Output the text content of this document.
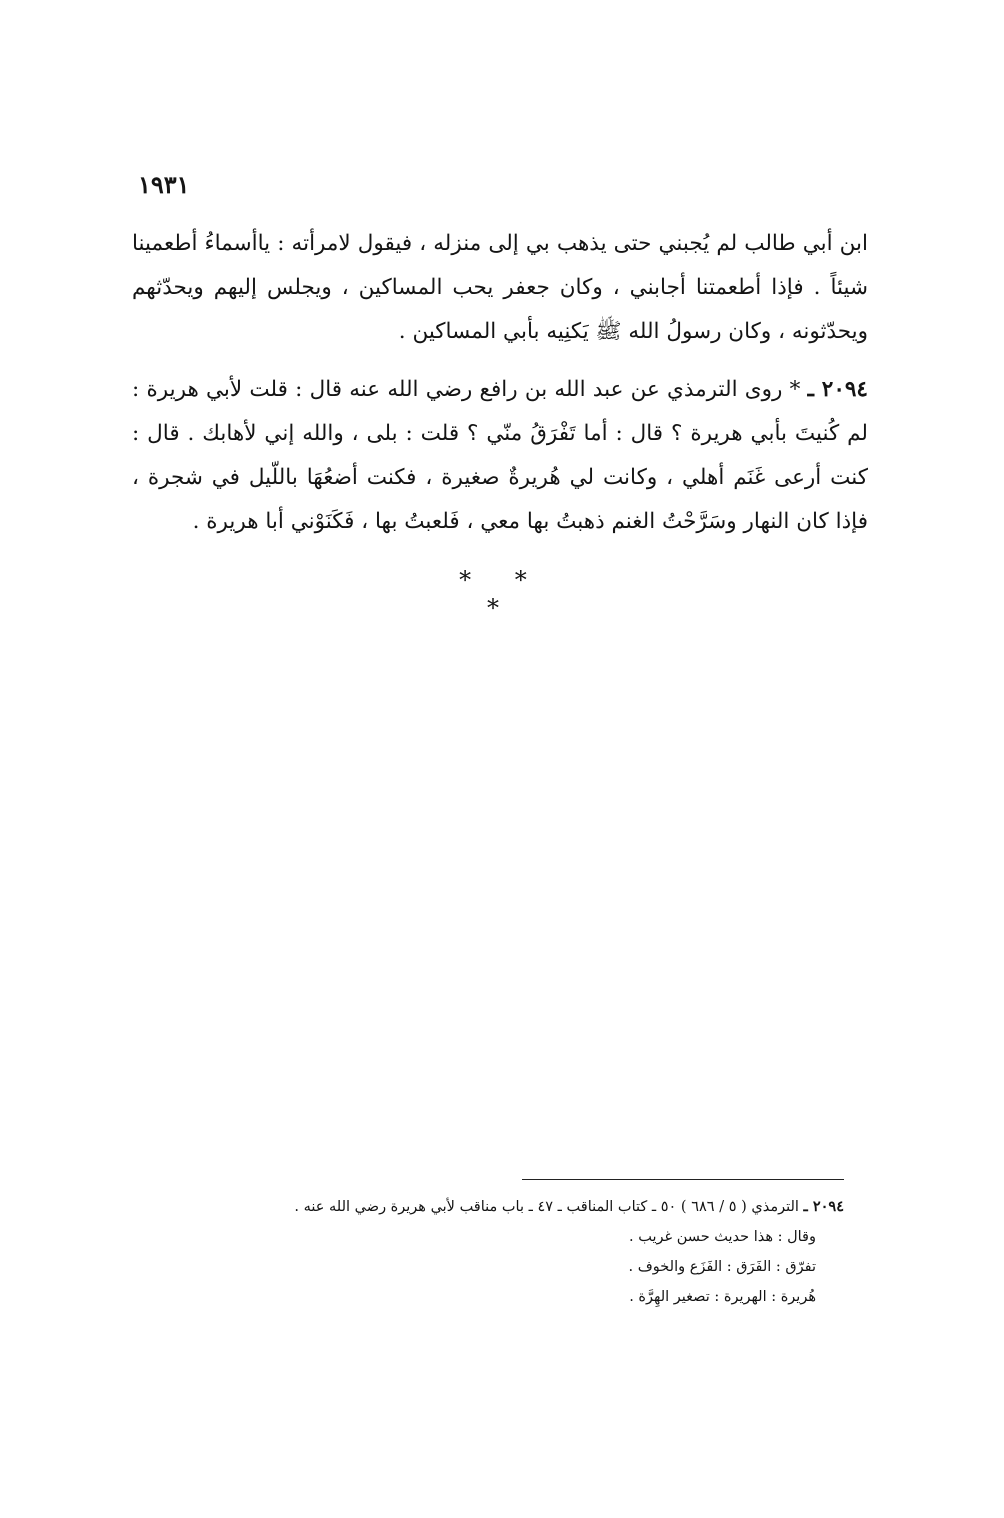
١٩٣١

ابن أبي طالب لم يُجبني حتى يذهب بي إلى منزله ، فيقول لامرأته : ياأسماءُ أطعمينا شيئاً . فإذا أطعمتنا أجابني ، وكان جعفر يحب المساكين ، ويجلس إليهم ويحدّثهم ويحدّثونه ، وكان رسولُ الله ﷺ يَكنِيه بأبي المساكين .

٢٠٩٤ ـ * روى الترمذي عن عبد الله بن رافع رضي الله عنه قال : قلت لأبي هريرة : لم كُنيتَ بأبي هريرة ؟ قال : أما تَفْرَقُ منّي ؟ قلت : بلى ، والله إني لأهابك . قال : كنت أرعى غَنَم أهلي ، وكانت لي هُريرةٌ صغيرة ، فكنت أضعُهَا باللّيل في شجرة ، فإذا كان النهار وسَرَّحْتُ الغنم ذهبتُ بها معي ، فَلعبتُ بها ، فَكَنَوْني أبا هريرة .

* * *

٢٠٩٤ ـ الترمذي ( ٥ / ٦٨٦ ) ٥٠ ـ كتاب المناقب ـ ٤٧ ـ باب مناقب لأبي هريرة رضي الله عنه .

وقال : هذا حديث حسن غريب .

تفرّق : الفَرَق : الفَزَع والخوف .

هُريرة : الهريرة : تصغير الهِرَّة .
